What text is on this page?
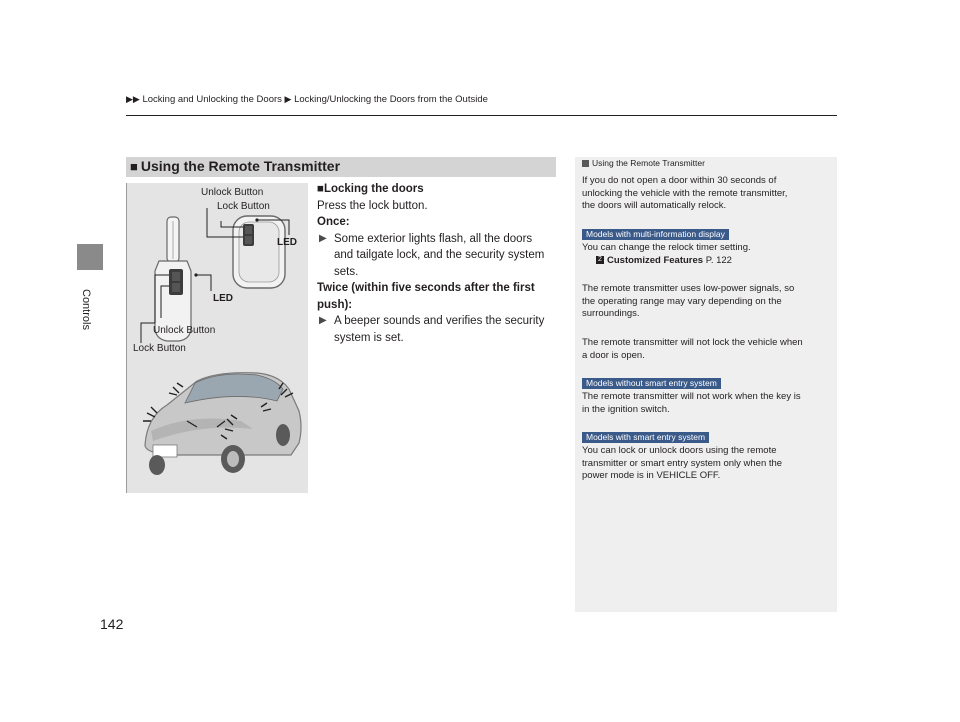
▶▶ Locking and Unlocking the Doors ▶ Locking/Unlocking the Doors from the Outside
Controls
■ Using the Remote Transmitter
Unlock Button
Lock Button
LED
LED
Unlock Button
Lock Button
■Locking the doors
Press the lock button.
Once:
▶ Some exterior lights flash, all the doors
and tailgate lock, and the security system
sets.
Twice (within five seconds after the first
push):
▶ A beeper sounds and verifies the security
system is set.
Using the Remote Transmitter
If you do not open a door within 30 seconds of
unlocking the vehicle with the remote transmitter,
the doors will automatically relock.
Models with multi-information display
You can change the relock timer setting.
2 Customized Features P. 122
The remote transmitter uses low-power signals, so
the operating range may vary depending on the
surroundings.
The remote transmitter will not lock the vehicle when
a door is open.
Models without smart entry system
The remote transmitter will not work when the key is
in the ignition switch.
Models with smart entry system
You can lock or unlock doors using the remote
transmitter or smart entry system only when the
power mode is in VEHICLE OFF.
142
